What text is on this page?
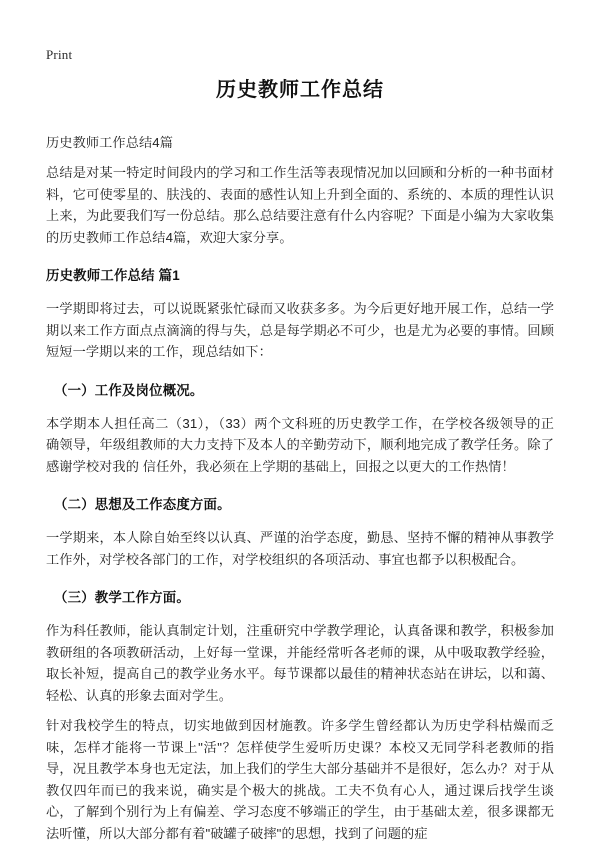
Print
历史教师工作总结

历史教师工作总结4篇

总结是对某一特定时间段内的学习和工作生活等表现情况加以回顾和分析的一种书面材料，它可使零星的、肤浅的、表面的感性认知上升到全面的、系统的、本质的理性认识上来，为此要我们写一份总结。那么总结要注意有什么内容呢？下面是小编为大家收集的历史教师工作总结4篇，欢迎大家分享。

历史教师工作总结 篇1

一学期即将过去，可以说既紧张忙碌而又收获多多。为今后更好地开展工作，总结一学期以来工作方面点点滴滴的得与失，总是每学期必不可少，也是尤为必要的事情。回顾短短一学期以来的工作，现总结如下：

（一）工作及岗位概况。

本学期本人担任高二（31），（33）两个文科班的历史教学工作，在学校各级领导的正确领导，年级组教师的大力支持下及本人的辛勤劳动下，顺利地完成了教学任务。除了感谢学校对我的 信任外，我必须在上学期的基础上，回报之以更大的工作热情！

（二）思想及工作态度方面。

一学期来，本人除自始至终以认真、严谨的治学态度，勤恳、坚持不懈的精神从事教学工作外，对学校各部门的工作，对学校组织的各项活动、事宜也都予以积极配合。

（三）教学工作方面。

作为科任教师，能认真制定计划，注重研究中学教学理论，认真备课和教学，积极参加教研组的各项教研活动，上好每一堂课，并能经常听各老师的课，从中吸取教学经验，取长补短，提高自己的教学业务水平。每节课都以最佳的精神状态站在讲坛，以和蔼、轻松、认真的形象去面对学生。

针对我校学生的特点，切实地做到因材施教。许多学生曾经都认为历史学科枯燥而乏味，怎样才能将一节课上"活"？怎样使学生爱听历史课？本校又无同学科老教师的指导，况且教学本身也无定法，加上我们的学生大部分基础并不是很好，怎么办？对于从教仅四年而已的我来说，确实是个极大的挑战。工夫不负有心人，通过课后找学生谈心，了解到个别行为上有偏差、学习态度不够端正的学生，由于基础太差，很多课都无法听懂，所以大部分都有着"破罐子破摔"的思想，找到了问题的症
